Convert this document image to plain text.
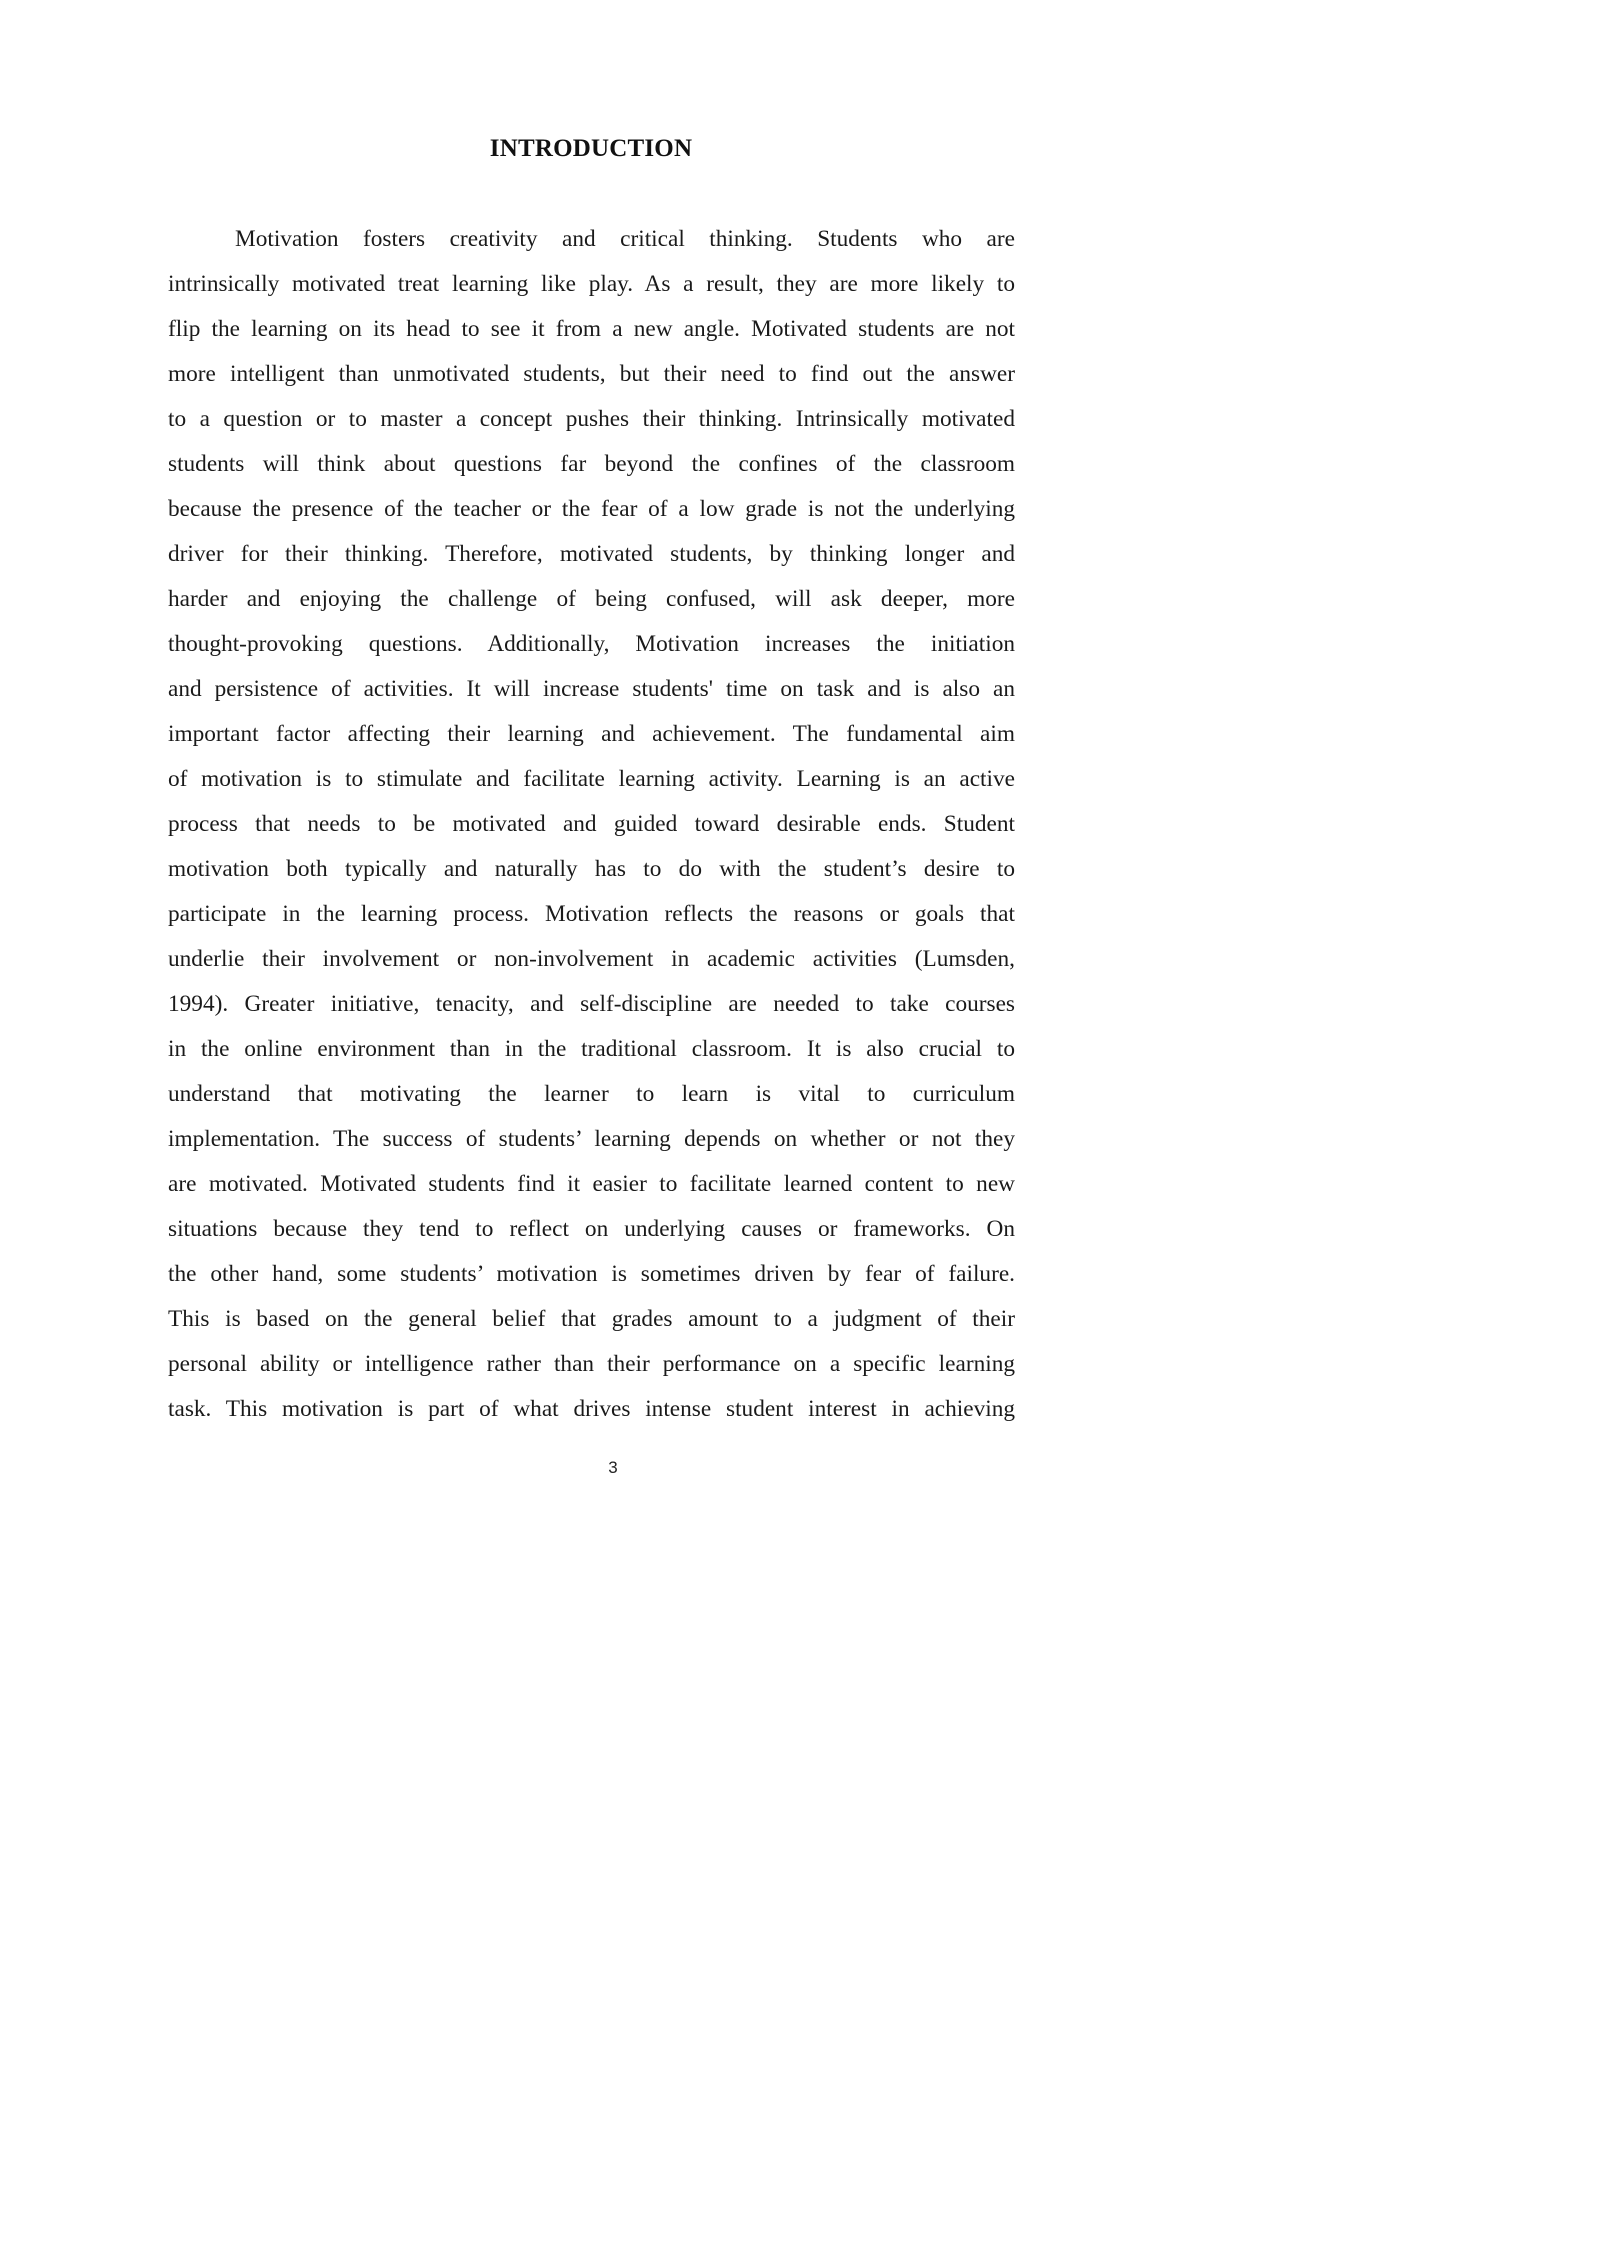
INTRODUCTION
Motivation fosters creativity and critical thinking. Students who are
intrinsically motivated treat learning like play. As a result, they are more likely to
flip the learning on its head to see it from a new angle. Motivated students are not
more intelligent than unmotivated students, but their need to find out the answer
to a question or to master a concept pushes their thinking. Intrinsically motivated
students will think about questions far beyond the confines of the classroom
because the presence of the teacher or the fear of a low grade is not the underlying
driver for their thinking. Therefore, motivated students, by thinking longer and
harder and enjoying the challenge of being confused, will ask deeper, more
thought-provoking questions. Additionally, Motivation increases the initiation
and persistence of activities. It will increase students' time on task and is also an
important factor affecting their learning and achievement. The fundamental aim
of motivation is to stimulate and facilitate learning activity. Learning is an active
process that needs to be motivated and guided toward desirable ends. Student
motivation both typically and naturally has to do with the student’s desire to
participate in the learning process. Motivation reflects the reasons or goals that
underlie their involvement or non-involvement in academic activities (Lumsden,
1994). Greater initiative, tenacity, and self-discipline are needed to take courses
in the online environment than in the traditional classroom. It is also crucial to
understand that motivating the learner to learn is vital to curriculum
implementation. The success of students’ learning depends on whether or not they
are motivated. Motivated students find it easier to facilitate learned content to new
situations because they tend to reflect on underlying causes or frameworks. On
the other hand, some students’ motivation is sometimes driven by fear of failure.
This is based on the general belief that grades amount to a judgment of their
personal ability or intelligence rather than their performance on a specific learning
task. This motivation is part of what drives intense student interest in achieving
3
